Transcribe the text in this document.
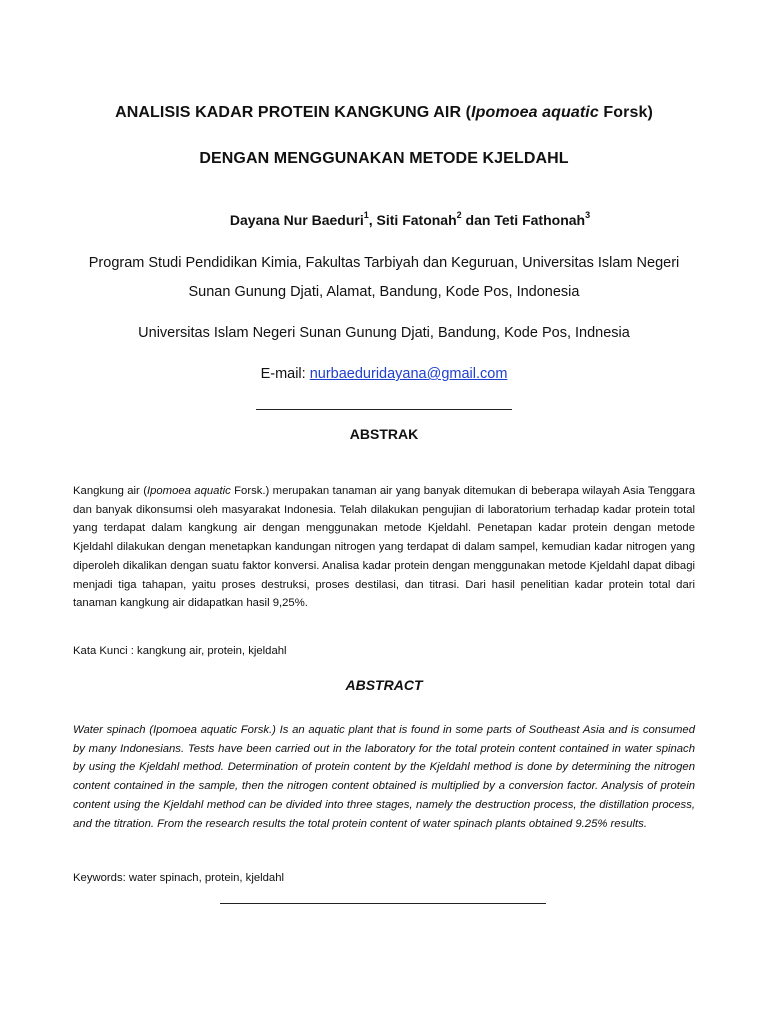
ANALISIS KADAR PROTEIN KANGKUNG AIR (Ipomoea aquatic Forsk)
DENGAN MENGGUNAKAN METODE KJELDAHL
Dayana Nur Baeduri$^1$, Siti Fatonah$^2$ dan Teti Fathonah$^3$
Program Studi Pendidikan Kimia, Fakultas Tarbiyah dan Keguruan, Universitas Islam Negeri
Sunan Gunung Djati, Alamat, Bandung, Kode Pos, Indonesia
Universitas Islam Negeri Sunan Gunung Djati, Bandung, Kode Pos, Indnesia
E-mail: nurbaeduridayana@gmail.com
ABSTRAK
Kangkung air (Ipomoea aquatic Forsk.) merupakan tanaman air yang banyak ditemukan di beberapa wilayah Asia Tenggara dan banyak dikonsumsi oleh masyarakat Indonesia. Telah dilakukan pengujian di laboratorium terhadap kadar protein total yang terdapat dalam kangkung air dengan menggunakan metode Kjeldahl. Penetapan kadar protein dengan metode Kjeldahl dilakukan dengan menetapkan kandungan nitrogen yang terdapat di dalam sampel, kemudian kadar nitrogen yang diperoleh dikalikan dengan suatu faktor konversi. Analisa kadar protein dengan menggunakan metode Kjeldahl dapat dibagi menjadi tiga tahapan, yaitu proses destruksi, proses destilasi, dan titrasi. Dari hasil penelitian kadar protein total dari tanaman kangkung air didapatkan hasil 9,25%.
Kata Kunci : kangkung air, protein, kjeldahl
ABSTRACT
Water spinach (Ipomoea aquatic Forsk.) Is an aquatic plant that is found in some parts of Southeast Asia and is consumed by many Indonesians. Tests have been carried out in the laboratory for the total protein content contained in water spinach by using the Kjeldahl method. Determination of protein content by the Kjeldahl method is done by determining the nitrogen content contained in the sample, then the nitrogen content obtained is multiplied by a conversion factor. Analysis of protein content using the Kjeldahl method can be divided into three stages, namely the destruction process, the distillation process, and the titration. From the research results the total protein content of water spinach plants obtained 9.25% results.
Keywords: water spinach, protein, kjeldahl
